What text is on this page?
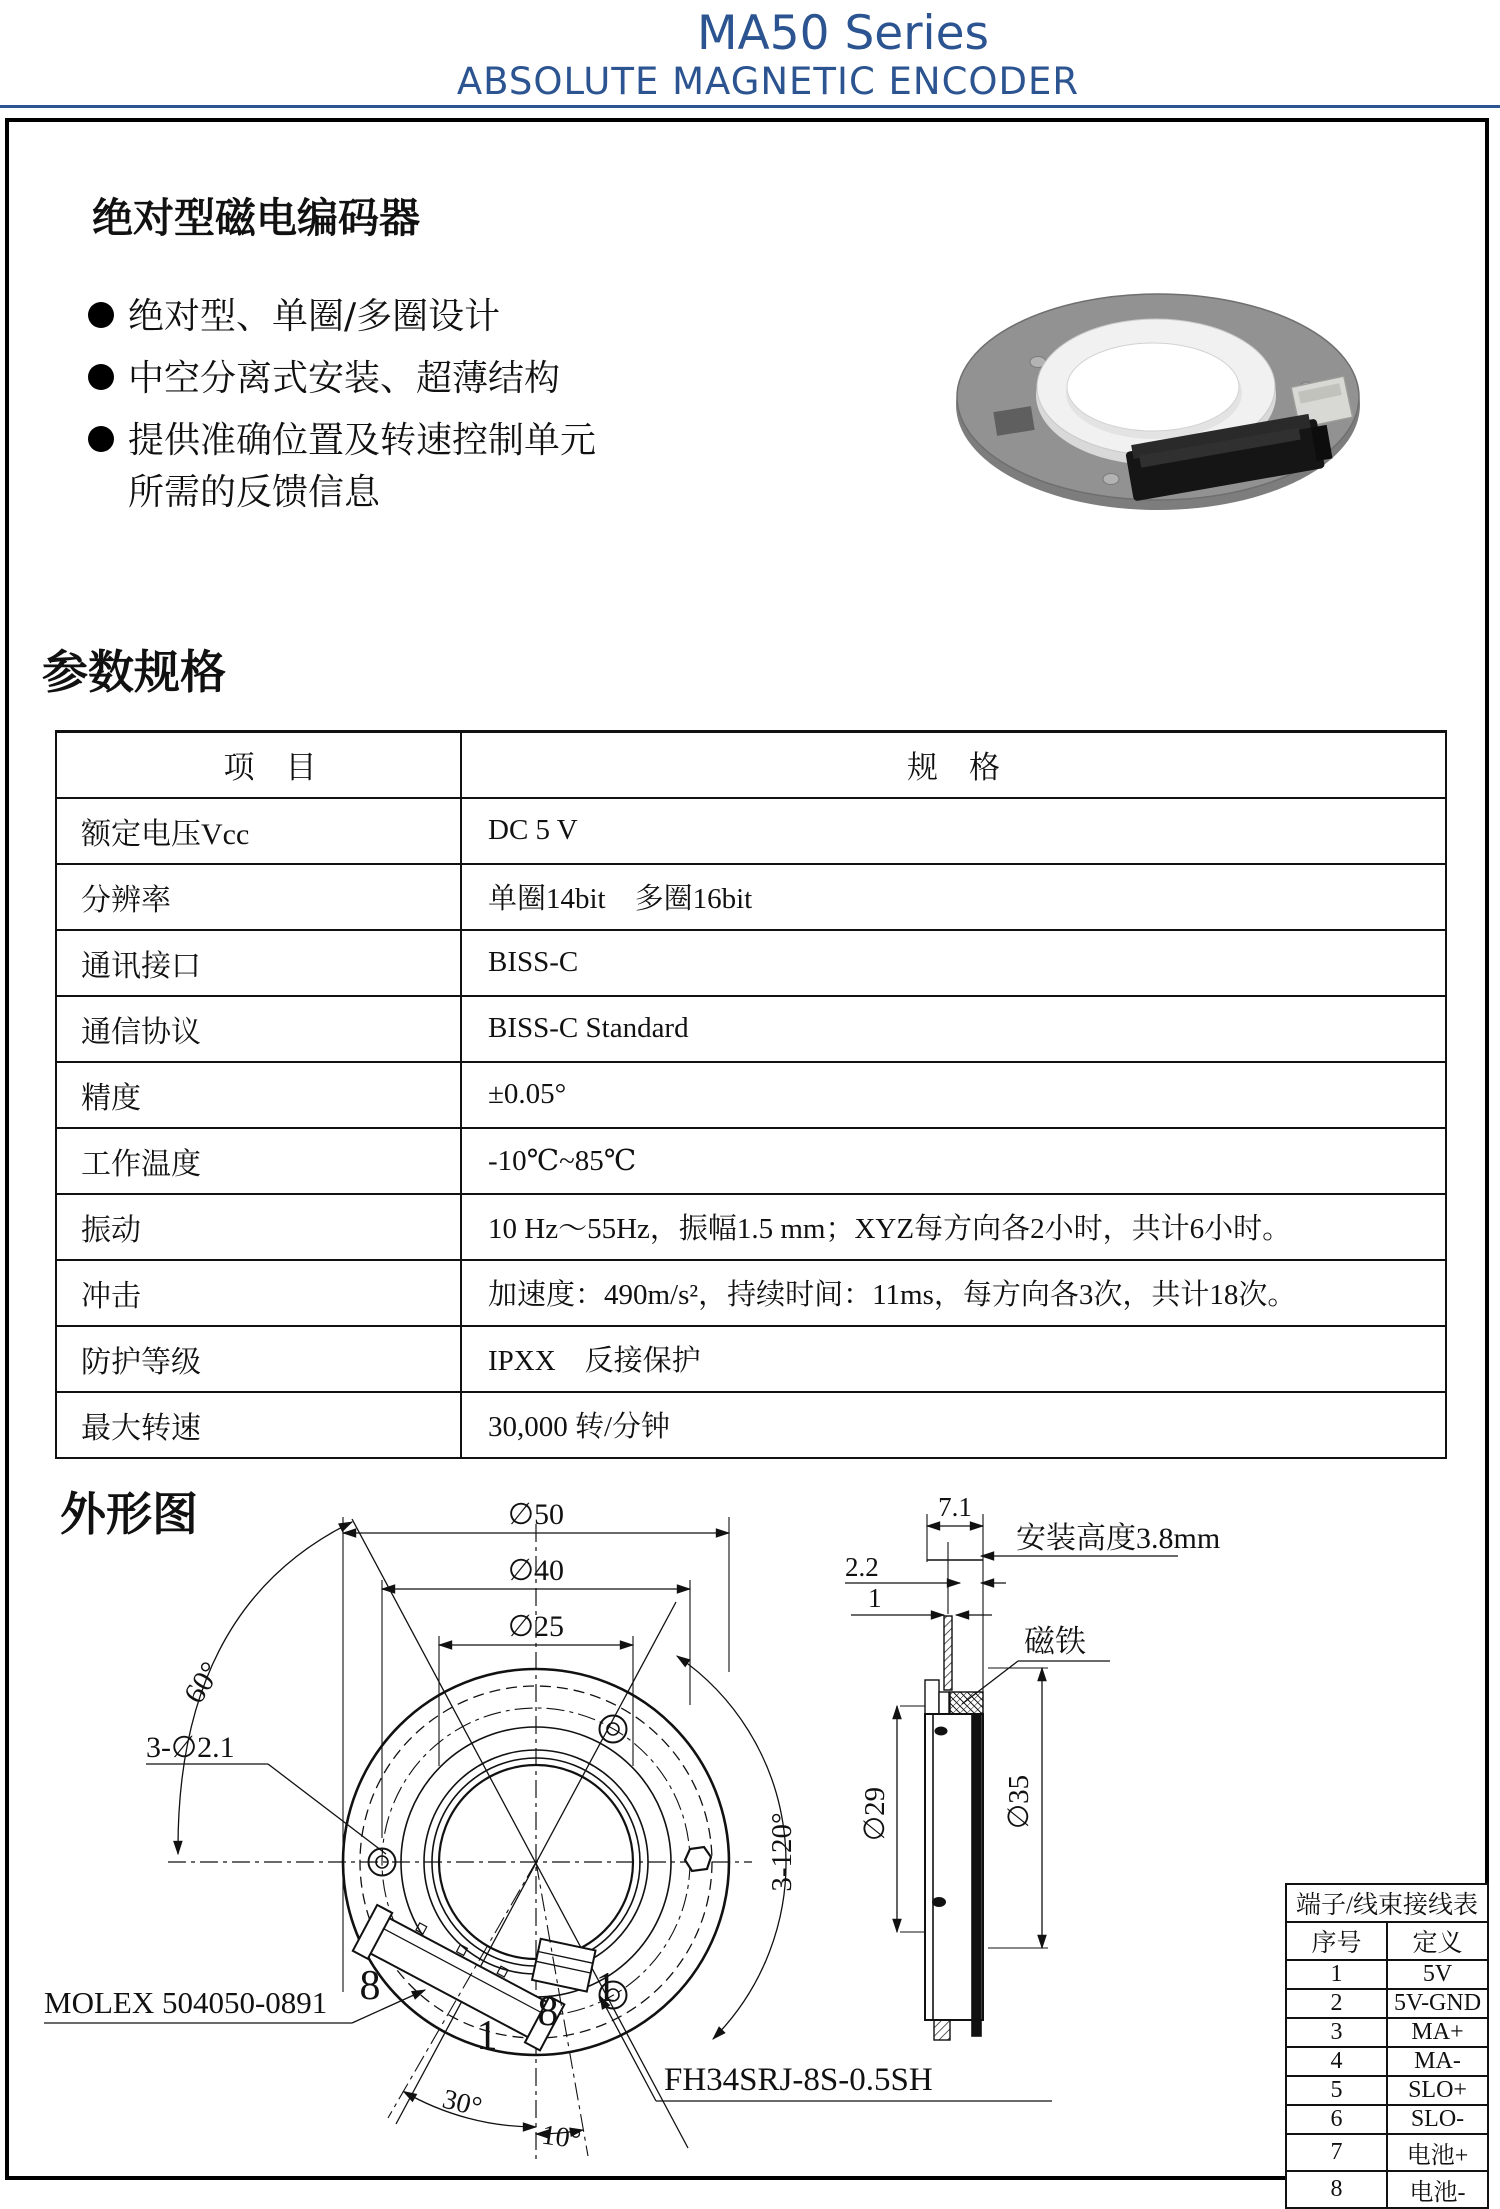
MA50 Series
ABSOLUTE MAGNETIC ENCODER
绝对型磁电编码器
绝对型、单圈/多圈设计
中空分离式安装、超薄结构
提供准确位置及转速控制单元
所需的反馈信息
参数规格
项　目	规　格
额定电压Vcc	DC 5 V
分辨率	单圈14bit　多圈16bit
通讯接口	BISS-C
通信协议	BISS-C Standard
精度	±0.05°
工作温度	-10℃~85℃
振动	10 Hz～55Hz，振幅1.5 mm；XYZ每方向各2小时，共计6小时。
冲击	加速度：490m/s²，持续时间：11ms，每方向各3次，共计18次。
防护等级	IPXX　反接保护
最大转速	30,000 转/分钟
外形图	∅50
∅40
∅25
60°
3-∅2.1
3-120°
MOLEX 504050-0891
FH34SRJ-8S-0.5SH
8
1
8
1
30°
10°
7.1
安装高度3.8mm
2.2
1
磁铁
∅29	∅35
端子/线束接线表	
序号	定义
1	5V
2	5V-GND
3	MA+
4	MA-
5	SLO+
6	SLO-
7	电池+
8	电池-
